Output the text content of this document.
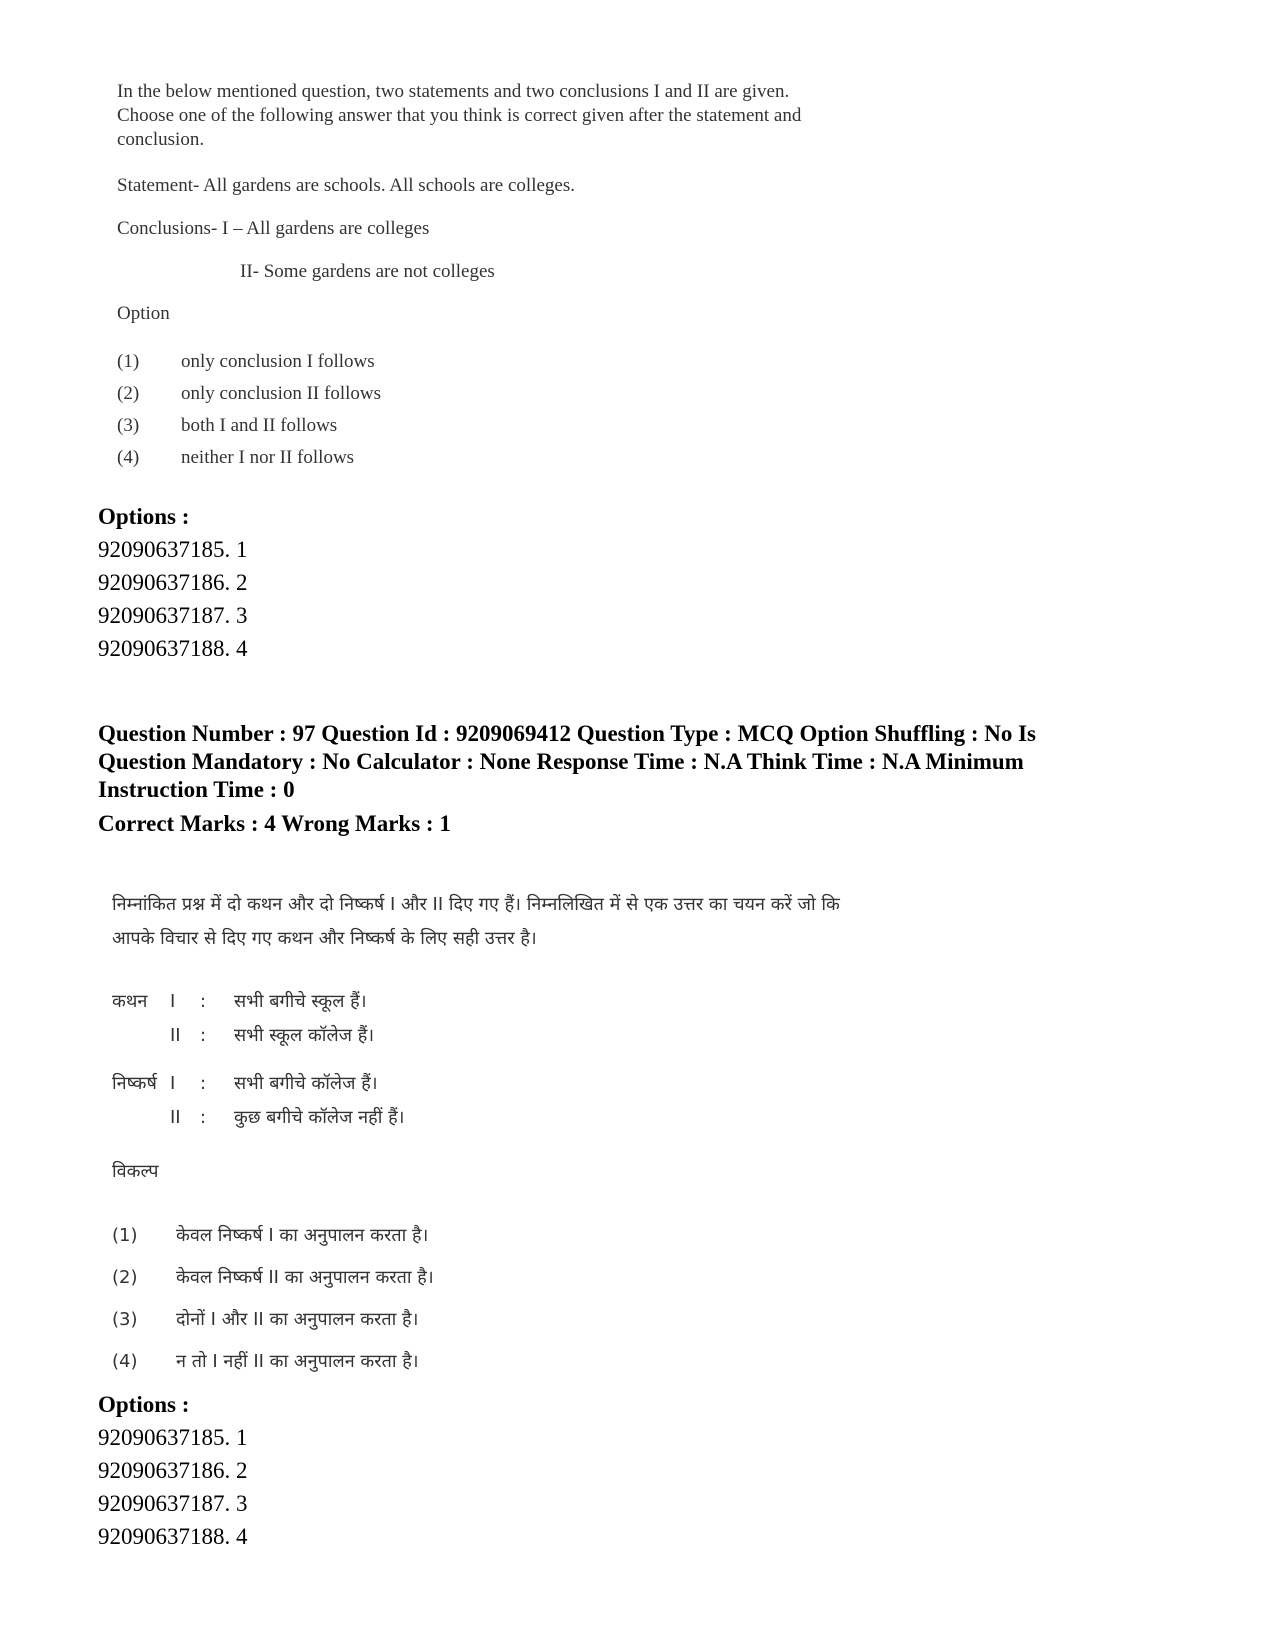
In the below mentioned question, two statements and two conclusions I and II are given.

Choose one of the following answer that you think is correct given after the statement and

conclusion.

Statement- All gardens are schools. All schools are colleges.

Conclusions- I – All gardens are colleges

II- Some gardens are not colleges

Option

(1)	only conclusion I follows
(2)	only conclusion II follows
(3)	both I and II follows
(4)	neither I nor II follows
Options :
92090637185. 1
92090637186. 2
92090637187. 3
92090637188. 4
Question Number : 97 Question Id : 9209069412 Question Type : MCQ Option Shuffling : No Is
Question Mandatory : No Calculator : None Response Time : N.A Think Time : N.A Minimum
Instruction Time : 0
Correct Marks : 4 Wrong Marks : 1
निम्नांकित प्रश्न में दो कथन और दो निष्कर्ष I और II दिए गए हैं। निम्नलिखित में से एक उत्तर का चयन करें जो कि
आपके विचार से दिए गए कथन और निष्कर्ष के लिए सही उत्तर है।
कथन	I	:	सभी बगीचे स्कूल हैं।
II	:	सभी स्कूल कॉलेज हैं।
निष्कर्ष I	:	सभी बगीचे कॉलेज हैं।
II	:	कुछ बगीचे कॉलेज नहीं हैं।
विकल्प
(1)	केवल निष्कर्ष I का अनुपालन करता है।
(2)	केवल निष्कर्ष II का अनुपालन करता है।
(3)	दोनों I और II का अनुपालन करता है।
(4)	न तो I नहीं II का अनुपालन करता है।
Options :
92090637185. 1
92090637186. 2
92090637187. 3
92090637188. 4
